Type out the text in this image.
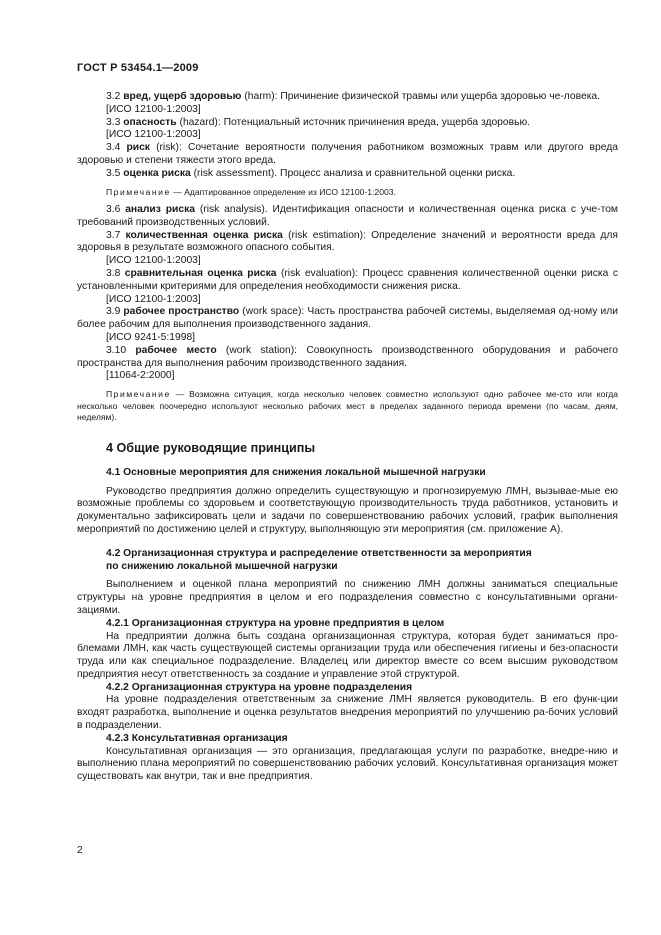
ГОСТ Р 53454.1—2009
3.2 вред, ущерб здоровью (harm): Причинение физической травмы или ущерба здоровью че-ловека.
[ИСО 12100-1:2003]
3.3 опасность (hazard): Потенциальный источник причинения вреда, ущерба здоровью.
[ИСО 12100-1:2003]
3.4 риск (risk): Сочетание вероятности получения работником возможных травм или другого вреда здоровью и степени тяжести этого вреда.
3.5 оценка риска (risk assessment). Процесс анализа и сравнительной оценки риска.
Примечание — Адаптированное определение из ИСО 12100-1:2003.
3.6 анализ риска (risk analysis). Идентификация опасности и количественная оценка риска с уче-том требований производственных условий.
3.7 количественная оценка риска (risk estimation): Определение значений и вероятности вреда для здоровья в результате возможного опасного события.
[ИСО 12100-1:2003]
3.8 сравнительная оценка риска (risk evaluation): Процесс сравнения количественной оценки риска с установленными критериями для определения необходимости снижения риска.
[ИСО 12100-1:2003]
3.9 рабочее пространство (work space): Часть пространства рабочей системы, выделяемая од-ному или более рабочим для выполнения производственного задания.
[ИСО 9241-5:1998]
3.10 рабочее место (work station): Совокупность производственного оборудования и рабочего пространства для выполнения рабочим производственного задания.
[11064-2:2000]
Примечание — Возможна ситуация, когда несколько человек совместно используют одно рабочее ме-сто или когда несколько человек поочередно используют несколько рабочих мест в пределах заданного периода времени (по часам, дням, неделям).
4 Общие руководящие принципы
4.1 Основные мероприятия для снижения локальной мышечной нагрузки
Руководство предприятия должно определить существующую и прогнозируемую ЛМН, вызывае-мые ею возможные проблемы со здоровьем и соответствующую производительность труда работников, установить и документально зафиксировать цели и задачи по совершенствованию рабочих условий, график выполнения мероприятий по достижению целей и структуру, выполняющую эти мероприятия (см. приложение А).
4.2 Организационная структура и распределение ответственности за мероприятия
по снижению локальной мышечной нагрузки
Выполнением и оценкой плана мероприятий по снижению ЛМН должны заниматься специальные структуры на уровне предприятия в целом и его подразделения совместно с консультативными органи-зациями.
4.2.1 Организационная структура на уровне предприятия в целом
На предприятии должна быть создана организационная структура, которая будет заниматься про-блемами ЛМН, как часть существующей системы организации труда или обеспечения гигиены и без-опасности труда или как специальное подразделение. Владелец или директор вместе со всем высшим руководством предприятия несут ответственность за создание и управление этой структурой.
4.2.2 Организационная структура на уровне подразделения
На уровне подразделения ответственным за снижение ЛМН является руководитель. В его функ-ции входят разработка, выполнение и оценка результатов внедрения мероприятий по улучшению ра-бочих условий в подразделении.
4.2.3 Консультативная организация
Консультативная организация — это организация, предлагающая услуги по разработке, внедре-нию и выполнению плана мероприятий по совершенствованию рабочих условий. Консультативная организация может существовать как внутри, так и вне предприятия.
2
